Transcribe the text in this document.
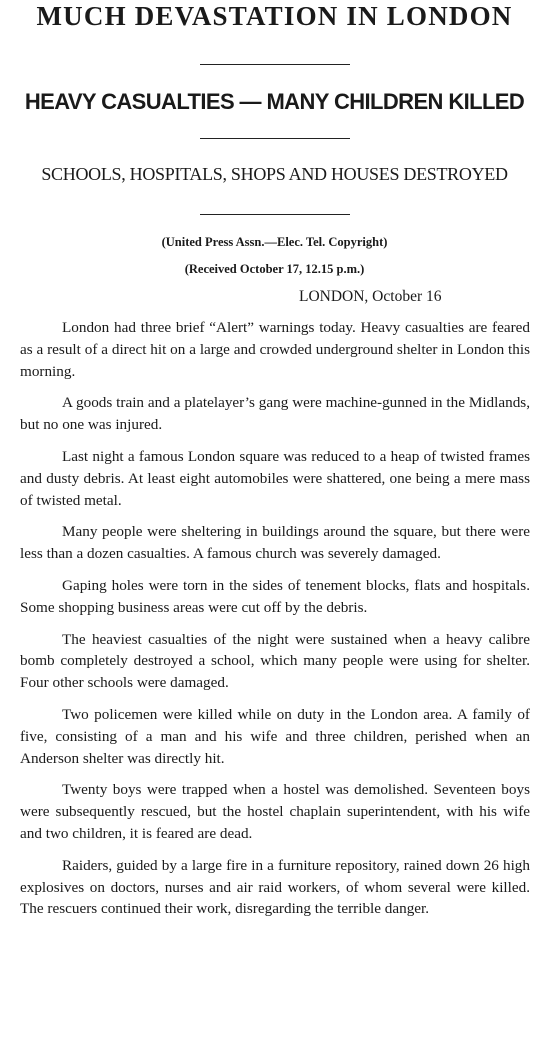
MUCH DEVASTATION IN LONDON
HEAVY CASUALTIES — MANY CHILDREN KILLED
SCHOOLS, HOSPITALS, SHOPS AND HOUSES DESTROYED
(United Press Assn.—Elec. Tel. Copyright)
(Received October 17, 12.15 p.m.)
LONDON, October 16

London had three brief “Alert” warnings today. Heavy casualties are feared as a result of a direct hit on a large and crowded underground shelter in London this morning.

A goods train and a platelayer’s gang were machine-gunned in the Midlands, but no one was injured.

Last night a famous London square was reduced to a heap of twisted frames and dusty debris. At least eight automobiles were shattered, one being a mere mass of twisted metal.

Many people were sheltering in buildings around the square, but there were less than a dozen casualties. A famous church was severely damaged.

Gaping holes were torn in the sides of tenement blocks, flats and hospitals. Some shopping business areas were cut off by the debris.

The heaviest casualties of the night were sustained when a heavy calibre bomb completely destroyed a school, which many people were using for shelter. Four other schools were damaged.

Two policemen were killed while on duty in the London area. A family of five, consisting of a man and his wife and three children, perished when an Anderson shelter was directly hit.

Twenty boys were trapped when a hostel was demolished. Seventeen boys were subsequently rescued, but the hostel chaplain superintendent, with his wife and two children, it is feared are dead.

Raiders, guided by a large fire in a furniture repository, rained down 26 high explosives on doctors, nurses and air raid workers, of whom several were killed. The rescuers continued their work, disregarding the terrible danger.
